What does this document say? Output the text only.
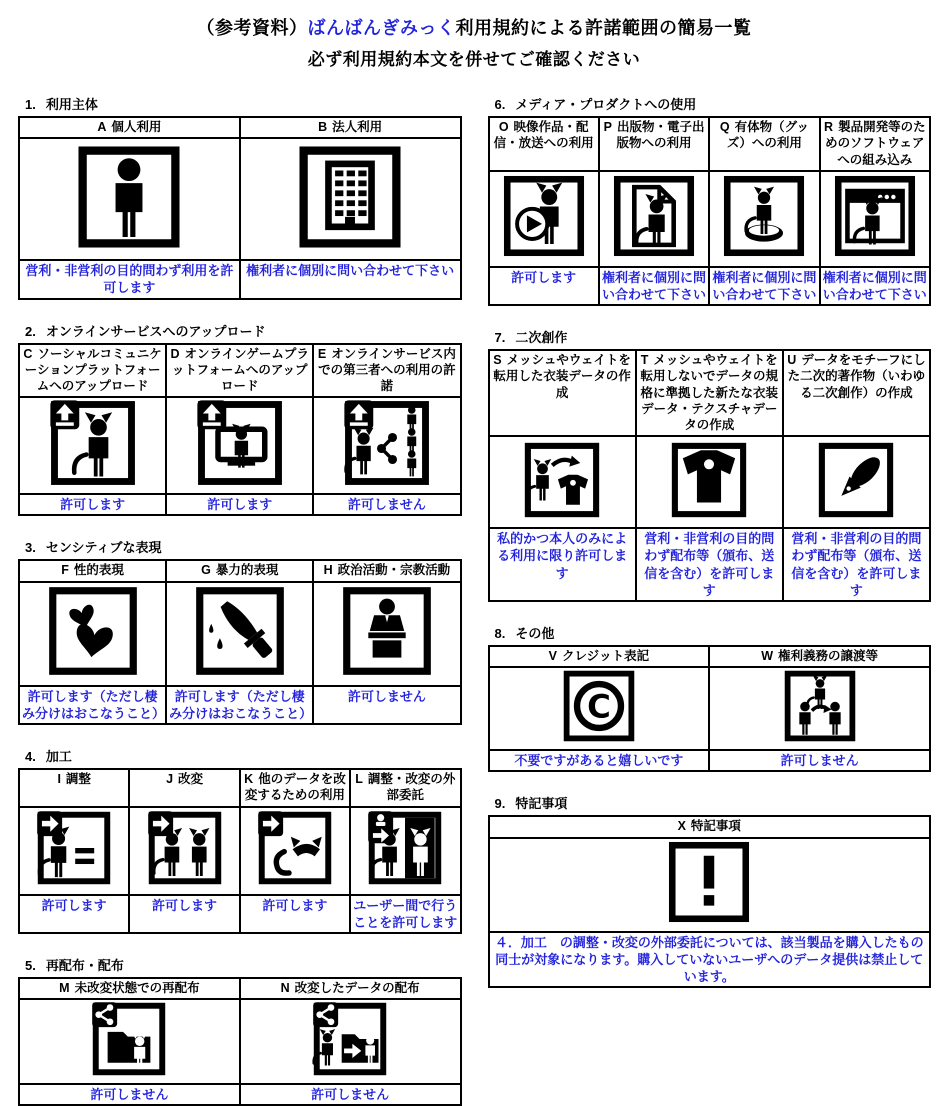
（参考資料）ばんばんぎみっく利用規約による許諾範囲の簡易一覧
必ず利用規約本文を併せてご確認ください
1. 利用主体
A 個人利用	B 法人利用

営利・非営利の目的問わず利用を許可します	権利者に個別に問い合わせて下さい
2. オンラインサービスへのアップロード
C ソーシャルコミュニケーションプラットフォームへのアップロード	D オンラインゲームプラットフォームへのアップロード	E オンラインサービス内での第三者への利用の許諾

許可します	許可します	許可しません
3. センシティブな表現
F 性的表現	G 暴力的表現	H 政治活動・宗教活動

許可します（ただし棲み分けはおこなうこと）	許可します（ただし棲み分けはおこなうこと）	許可しません
4. 加工
I 調整	J 改変	K 他のデータを改変するための利用	L 調整・改変の外部委託

許可します	許可します	許可します	ユーザー間で行うことを許可します
5. 再配布・配布
M 未改変状態での再配布	N 改変したデータの配布

許可しません	許可しません
6. メディア・プロダクトへの使用
O 映像作品・配信・放送への利用	P 出版物・電子出版物への利用	Q 有体物（グッズ）への利用	R 製品開発等のためのソフトウェアへの組み込み

許可します	権利者に個別に問い合わせて下さい	権利者に個別に問い合わせて下さい	権利者に個別に問い合わせて下さい
7. 二次創作
S メッシュやウェイトを転用した衣装データの作成	T メッシュやウェイトを転用しないでデータの規格に準拠した新たな衣装データ・テクスチャデータの作成	U データをモチーフにした二次的著作物（いわゆる二次創作）の作成

私的かつ本人のみによる利用に限り許可します	営利・非営利の目的問わず配布等（頒布、送信を含む）を許可します	営利・非営利の目的問わず配布等（頒布、送信を含む）を許可します
8. その他
V クレジット表記	W 権利義務の譲渡等

C

不要ですがあると嬉しいです	許可しません
9. 特記事項
X 特記事項

４．加工　の調整・改変の外部委託については、該当製品を購入したもの同士が対象になります。購入していないユーザへのデータ提供は禁止しています。
